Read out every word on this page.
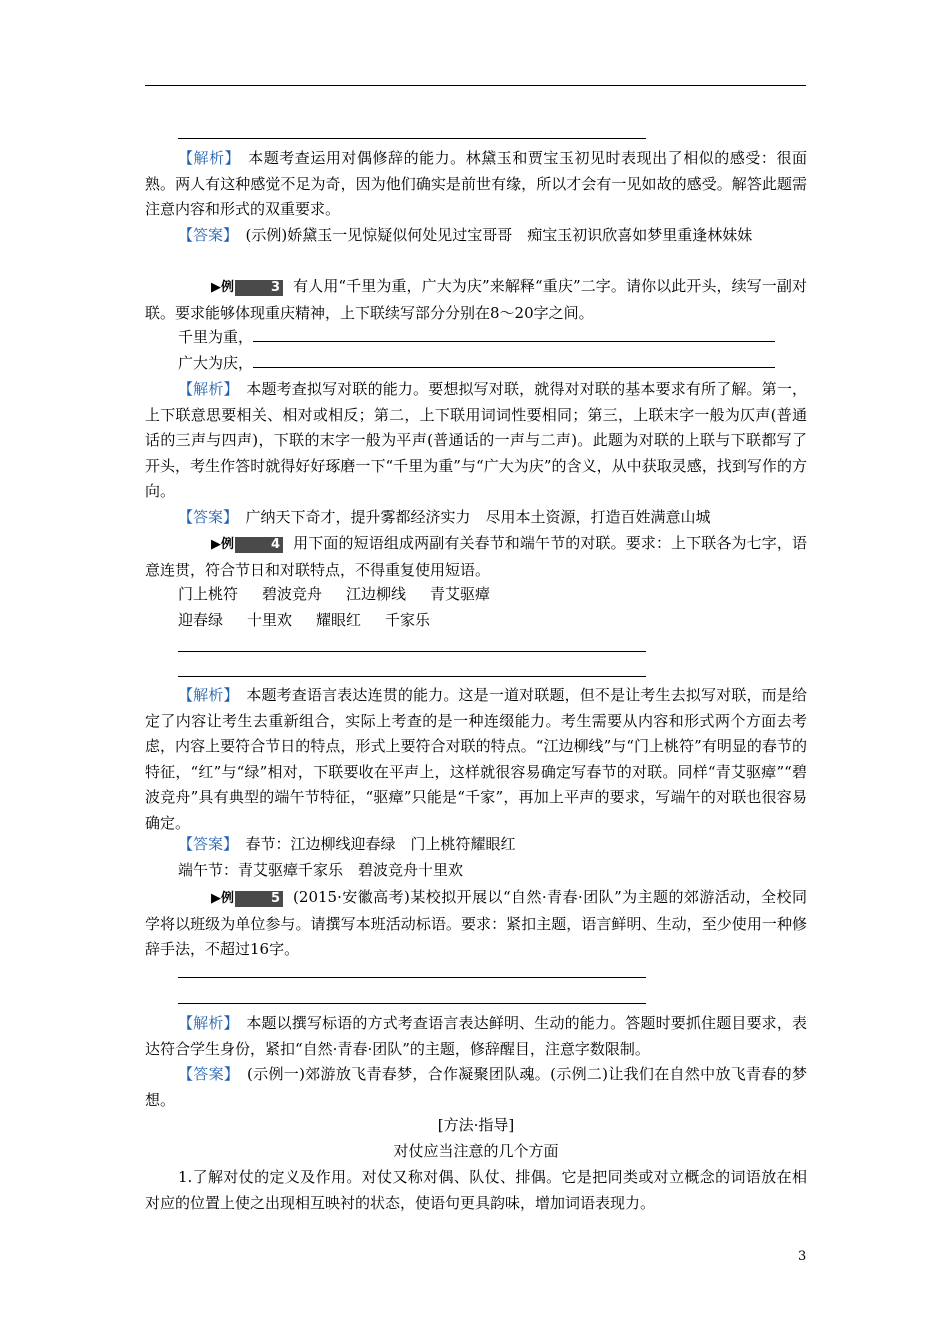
【解析】　 本题考查运用对偶修辞的能力。林黛玉和贾宝玉初见时表现出了相似的感受：很面熟。两人有这种感觉不足为奇，因为他们确实是前世有缘，所以才会有一见如故的感受。解答此题需注意内容和形式的双重要求。

【答案】　 (示例)娇黛玉一见惊疑似何处见过宝哥哥　痴宝玉初识欣喜如梦里重逢林妹妹

▶例	3 有人用“千里为重，广大为庆”来解释“重庆”二字。请你以此开头，续写一副对联。要求能够体现重庆精神，上下联续写部分分别在8～20字之间。

千里为重，

广大为庆，

【解析】　 本题考查拟写对联的能力。要想拟写对联，就得对对联的基本要求有所了解。第一，上下联意思要相关、相对或相反；第二，上下联用词词性要相同；第三，上联末字一般为仄声(普通话的三声与四声)，下联的末字一般为平声(普通话的一声与二声)。此题为对联的上联与下联都写了开头，考生作答时就得好好琢磨一下“千里为重”与“广大为庆”的含义，从中获取灵感，找到写作的方向。

【答案】　 广纳天下奇才，提升雾都经济实力　尽用本土资源，打造百姓满意山城

▶例	4 用下面的短语组成两副有关春节和端午节的对联。要求：上下联各为七字，语意连贯，符合节日和对联特点，不得重复使用短语。

门上桃符 碧波竞舟 江边柳线 青艾驱瘴

迎春绿 十里欢 耀眼红 千家乐

【解析】　 本题考查语言表达连贯的能力。这是一道对联题，但不是让考生去拟写对联，而是给定了内容让考生去重新组合，实际上考查的是一种连缀能力。考生需要从内容和形式两个方面去考虑，内容上要符合节日的特点，形式上要符合对联的特点。“江边柳线”与“门上桃符”有明显的春节的特征，“红”与“绿”相对，下联要收在平声上，这样就很容易确定写春节的对联。同样“青艾驱瘴”“碧波竞舟”具有典型的端午节特征，“驱瘴”只能是“千家”，再加上平声的要求，写端午的对联也很容易确定。

【答案】　 春节：江边柳线迎春绿　门上桃符耀眼红

端午节：青艾驱瘴千家乐　碧波竞舟十里欢

▶例	5 (2015·安徽高考)某校拟开展以“自然·青春·团队”为主题的郊游活动，全校同学将以班级为单位参与。请撰写本班活动标语。要求：紧扣主题，语言鲜明、生动，至少使用一种修辞手法，不超过16字。

【解析】　 本题以撰写标语的方式考查语言表达鲜明、生动的能力。答题时要抓住题目要求，表达符合学生身份，紧扣“自然·青春·团队”的主题，修辞醒目，注意字数限制。

【答案】　 (示例一)郊游放飞青春梦，合作凝聚团队魂。(示例二)让我们在自然中放飞青春的梦想。

[方法·指导]

对仗应当注意的几个方面

1.了解对仗的定义及作用。对仗又称对偶、队仗、排偶。它是把同类或对立概念的词语放在相对应的位置上使之出现相互映衬的状态，使语句更具韵味，增加词语表现力。

3
